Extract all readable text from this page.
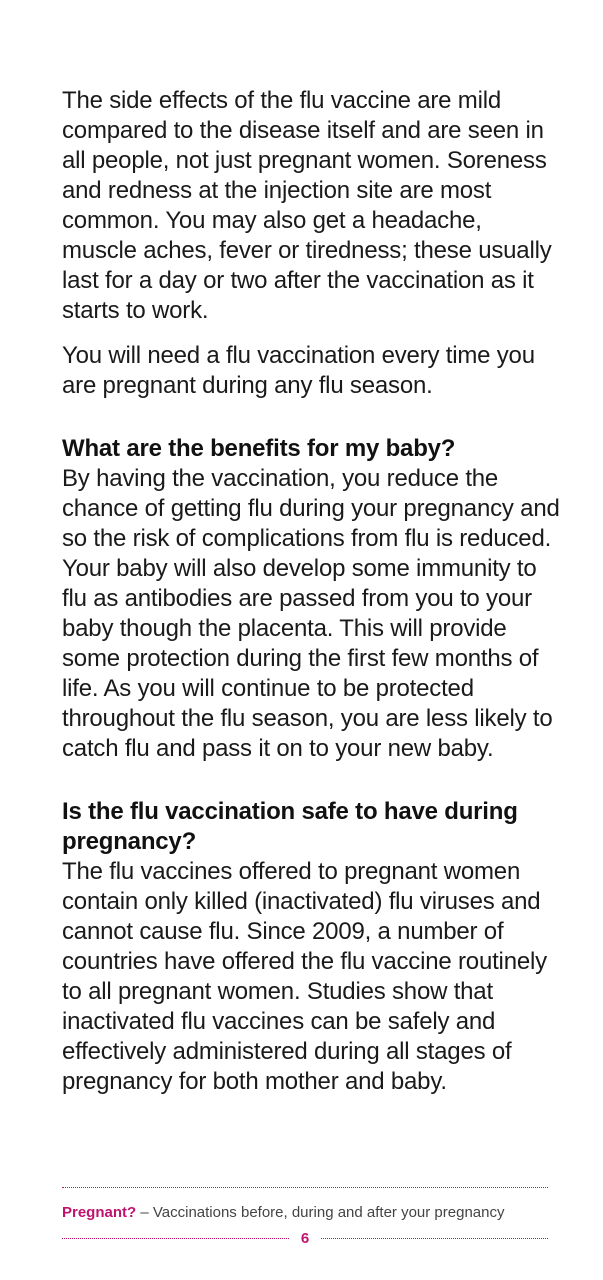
The side effects of the flu vaccine are mild compared to the disease itself and are seen in all people, not just pregnant women. Soreness and redness at the injection site are most common. You may also get a headache, muscle aches, fever or tiredness; these usually last for a day or two after the vaccination as it starts to work.

You will need a flu vaccination every time you are pregnant during any flu season.

What are the benefits for my baby?

By having the vaccination, you reduce the chance of getting flu during your pregnancy and so the risk of complications from flu is reduced. Your baby will also develop some immunity to flu as antibodies are passed from you to your baby though the placenta. This will provide some protection during the first few months of life. As you will continue to be protected throughout the flu season, you are less likely to catch flu and pass it on to your new baby.

Is the flu vaccination safe to have during pregnancy?

The flu vaccines offered to pregnant women contain only killed (inactivated) flu viruses and cannot cause flu. Since 2009, a number of countries have offered the flu vaccine routinely to all pregnant women. Studies show that inactivated flu vaccines can be safely and effectively administered during all stages of pregnancy for both mother and baby.

Pregnant? – Vaccinations before, during and after your pregnancy
6
